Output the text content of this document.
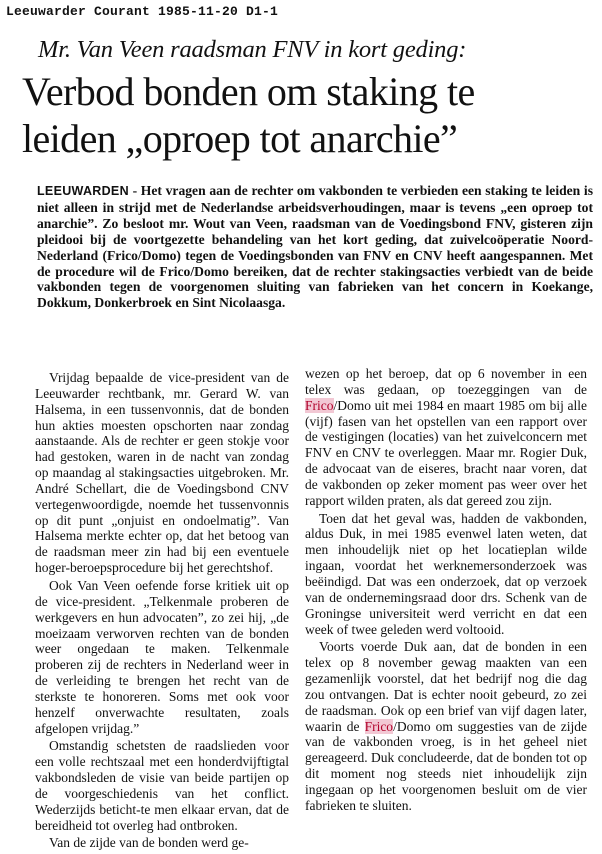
Leeuwarder Courant 1985-11-20 D1-1
Mr. Van Veen raadsman FNV in kort geding:
Verbod bonden om staking te
leiden „oproep tot anarchie”
LEEUWARDEN - Het vragen aan de rechter om vakbonden te verbieden een staking te leiden is niet alleen in strijd met de Nederlandse arbeidsverhoudingen, maar is tevens „een oproep tot anarchie”. Zo besloot mr. Wout van Veen, raadsman van de Voedingsbond FNV, gisteren zijn pleidooi bij de voortgezette behandeling van het kort geding, dat zuivelcoöperatie Noord-Nederland (Frico/Domo) tegen de Voedingsbonden van FNV en CNV heeft aangespannen. Met de procedure wil de Frico/Domo bereiken, dat de rechter stakingsacties verbiedt van de beide vakbonden tegen de voorgenomen sluiting van fabrieken van het concern in Koekange, Dokkum, Donkerbroek en Sint Nicolaasga.

Vrijdag bepaalde de vice-president van de Leeuwarder rechtbank, mr. Gerard W. van Halsema, in een tussenvonnis, dat de bonden hun akties moesten opschorten naar zondag aanstaande. Als de rechter er geen stokje voor had gestoken, waren in de nacht van zondag op maandag al stakingsacties uitgebroken. Mr. André Schellart, die de Voedingsbond CNV vertegenwoordigde, noemde het tussenvonnis op dit punt „onjuist en ondoelmatig”. Van Halsema merkte echter op, dat het betoog van de raadsman meer zin had bij een eventuele hoger-beroepsprocedure bij het gerechtshof.

Ook Van Veen oefende forse kritiek uit op de vice-president. „Telkenmale proberen de werkgevers en hun advocaten”, zo zei hij, „de moeizaam verworven rechten van de bonden weer ongedaan te maken. Telkenmale proberen zij de rechters in Nederland weer in de verleiding te brengen het recht van de sterkste te honoreren. Soms met ook voor henzelf onverwachte resultaten, zoals afgelopen vrijdag.”

Omstandig schetsten de raadslieden voor een volle rechtszaal met een honderdvijftigtal vakbondsleden de visie van beide partijen op de voorgeschiedenis van het conflict. Wederzijds beticht-te men elkaar ervan, dat de bereidheid tot overleg had ontbroken.

Van de zijde van de bonden werd ge-

wezen op het beroep, dat op 6 november in een telex was gedaan, op toezeggingen van de Frico/Domo uit mei 1984 en maart 1985 om bij alle (vijf) fasen van het opstellen van een rapport over de vestigingen (locaties) van het zuivelconcern met FNV en CNV te overleggen. Maar mr. Rogier Duk, de advocaat van de eiseres, bracht naar voren, dat de vakbonden op zeker moment pas weer over het rapport wilden praten, als dat gereed zou zijn.

Toen dat het geval was, hadden de vakbonden, aldus Duk, in mei 1985 evenwel laten weten, dat men inhoudelijk niet op het locatieplan wilde ingaan, voordat het werknemersonderzoek was beëindigd. Dat was een onderzoek, dat op verzoek van de ondernemingsraad door drs. Schenk van de Groningse universiteit werd verricht en dat een week of twee geleden werd voltooid.

Voorts voerde Duk aan, dat de bonden in een telex op 8 november gewag maakten van een gezamenlijk voorstel, dat het bedrijf nog die dag zou ontvangen. Dat is echter nooit gebeurd, zo zei de raadsman. Ook op een brief van vijf dagen later, waarin de Frico/Domo om suggesties van de zijde van de vakbonden vroeg, is in het geheel niet gereageerd. Duk concludeerde, dat de bonden tot op dit moment nog steeds niet inhoudelijk zijn ingegaan op het voorgenomen besluit om de vier fabrieken te sluiten.
